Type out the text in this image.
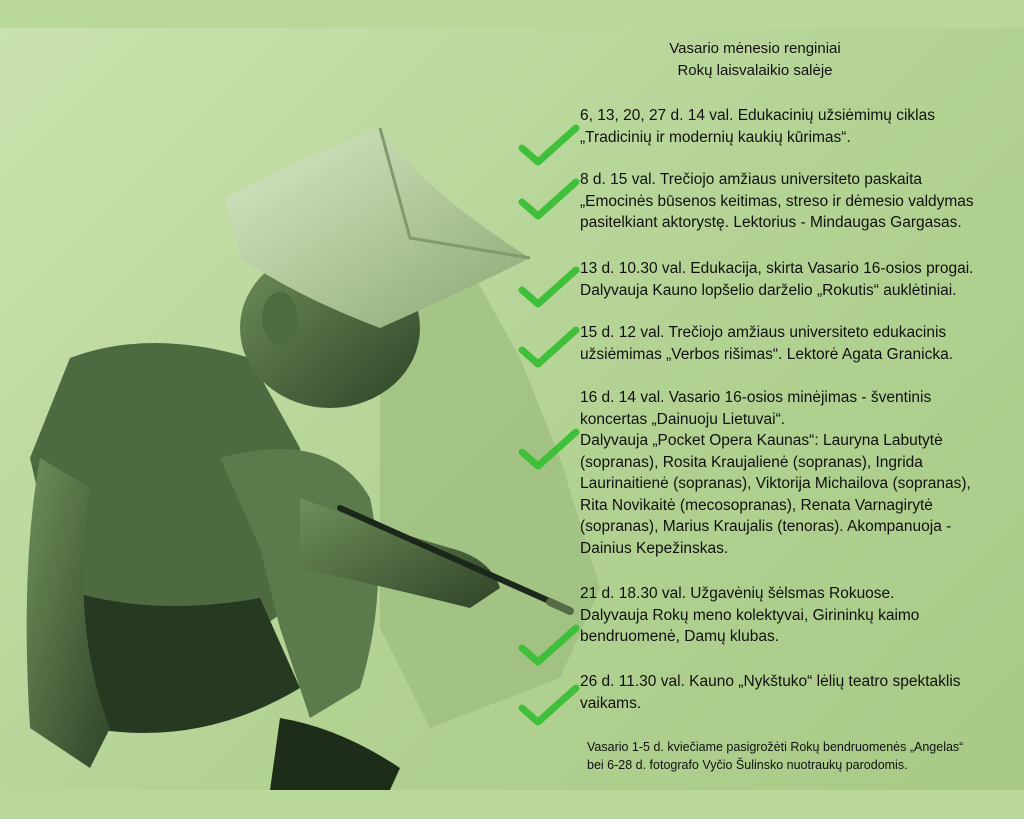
Vasario mėnesio renginiai
Rokų laisvalaikio salėje
6, 13, 20, 27 d. 14 val. Edukacinių užsiėmimų ciklas
„Tradicinių ir modernių kaukių kūrimas“.
8 d. 15 val. Trečiojo amžiaus universiteto paskaita
„Emocinės būsenos keitimas, streso ir dėmesio valdymas
pasitelkiant aktorystę. Lektorius - Mindaugas Gargasas.
13 d. 10.30 val. Edukacija, skirta Vasario 16-osios progai.
Dalyvauja Kauno lopšelio darželio „Rokutis“ auklėtiniai.
15 d. 12 val. Trečiojo amžiaus universiteto edukacinis
užsiėmimas „Verbos rišimas“. Lektorė Agata Granicka.
16 d. 14 val. Vasario 16-osios minėjimas - šventinis
koncertas „Dainuoju Lietuvai“.
Dalyvauja „Pocket Opera Kaunas“: Lauryna Labutytė
(sopranas), Rosita Kraujalienė (sopranas), Ingrida
Laurinaitienė (sopranas), Viktorija Michailova (sopranas),
Rita Novikaitė (mecosopranas), Renata Varnagirytė
(sopranas), Marius Kraujalis (tenoras). Akompanuoja -
Dainius Kepežinskas.
21 d. 18.30 val. Užgavėnių šėlsmas Rokuose.
Dalyvauja Rokų meno kolektyvai, Girininkų kaimo
bendruomenė, Damų klubas.
26 d. 11.30 val. Kauno „Nykštuko“ lėlių teatro spektaklis
vaikams.
Vasario 1-5 d. kviečiame pasigrožėti Rokų bendruomenės „Angelas“
bei 6-28 d. fotografo Vyčio Šulinsko nuotraukų parodomis.
